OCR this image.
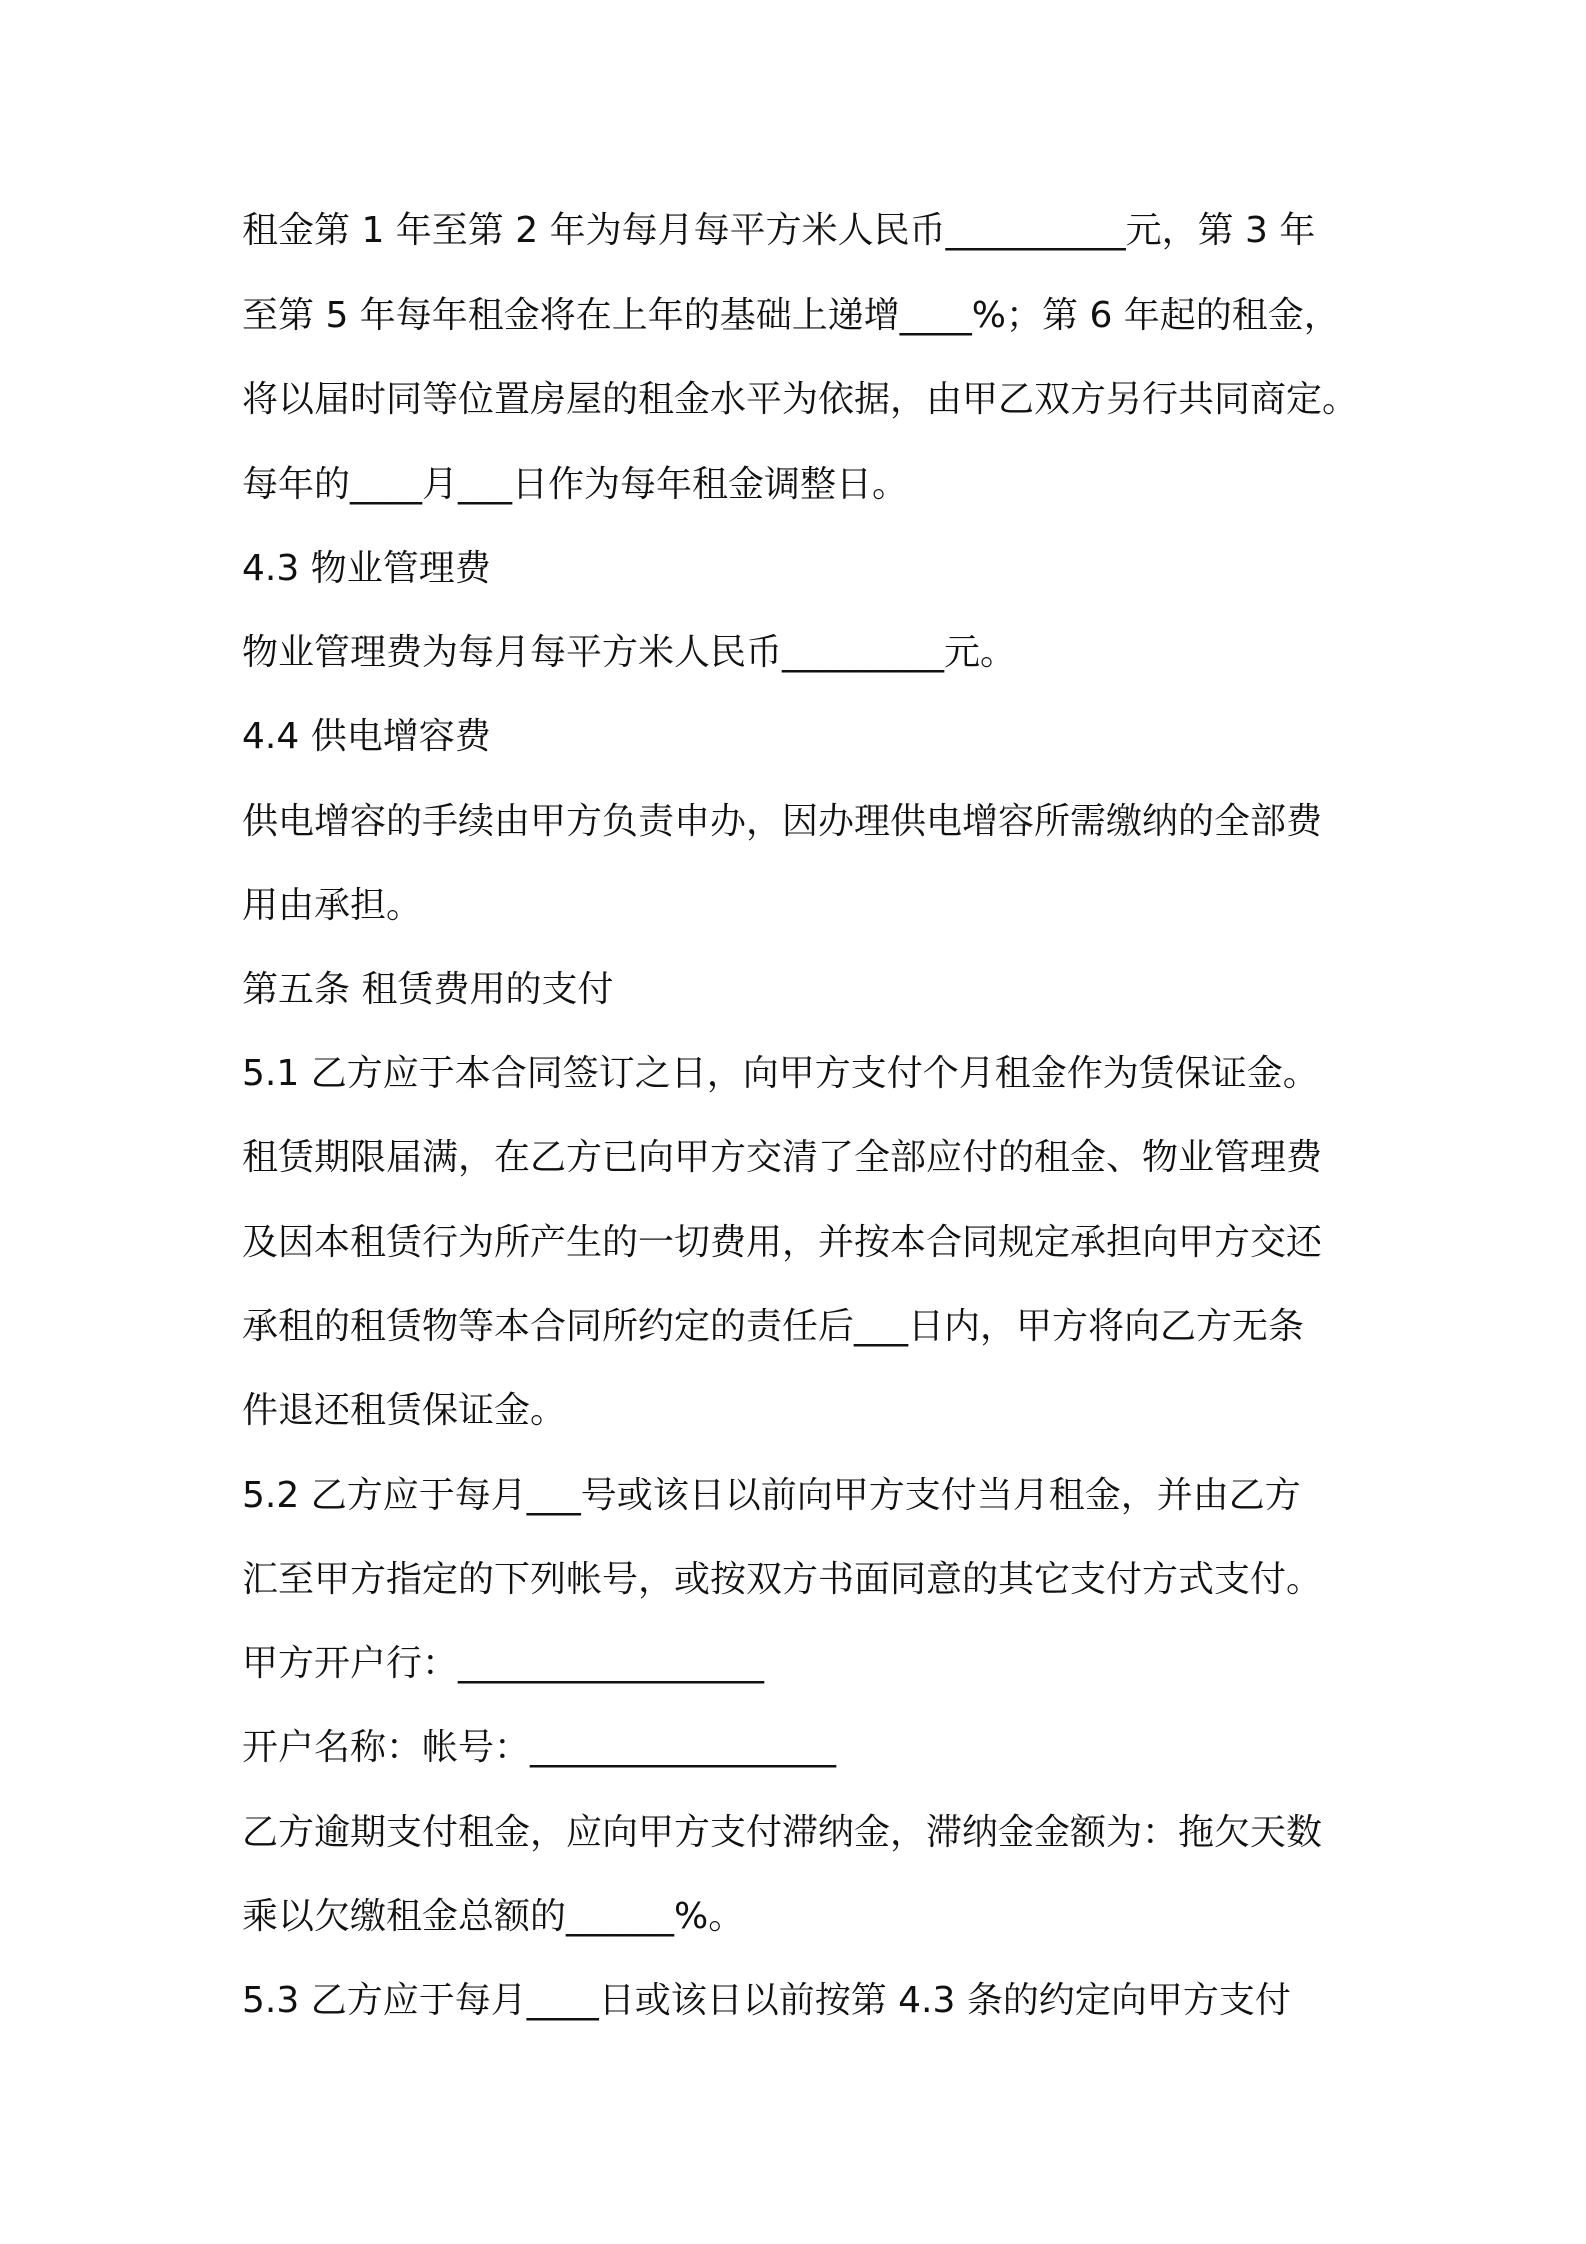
租金第 1 年至第 2 年为每月每平方米人民币__________元，第 3 年
至第 5 年每年租金将在上年的基础上递增____%；第 6 年起的租金，
将以届时同等位置房屋的租金水平为依据，由甲乙双方另行共同商定。
每年的____月___日作为每年租金调整日。
4.3 物业管理费
物业管理费为每月每平方米人民币_________元。
4.4 供电增容费
供电增容的手续由甲方负责申办，因办理供电增容所需缴纳的全部费
用由承担。
第五条 租赁费用的支付
5.1 乙方应于本合同签订之日，向甲方支付个月租金作为赁保证金。
租赁期限届满，在乙方已向甲方交清了全部应付的租金、物业管理费
及因本租赁行为所产生的一切费用，并按本合同规定承担向甲方交还
承租的租赁物等本合同所约定的责任后___日内，甲方将向乙方无条
件退还租赁保证金。
5.2 乙方应于每月___号或该日以前向甲方支付当月租金，并由乙方
汇至甲方指定的下列帐号，或按双方书面同意的其它支付方式支付。
甲方开户行：_________________
开户名称：帐号：_________________
乙方逾期支付租金，应向甲方支付滞纳金，滞纳金金额为：拖欠天数
乘以欠缴租金总额的______%。
5.3 乙方应于每月____日或该日以前按第 4.3 条的约定向甲方支付
